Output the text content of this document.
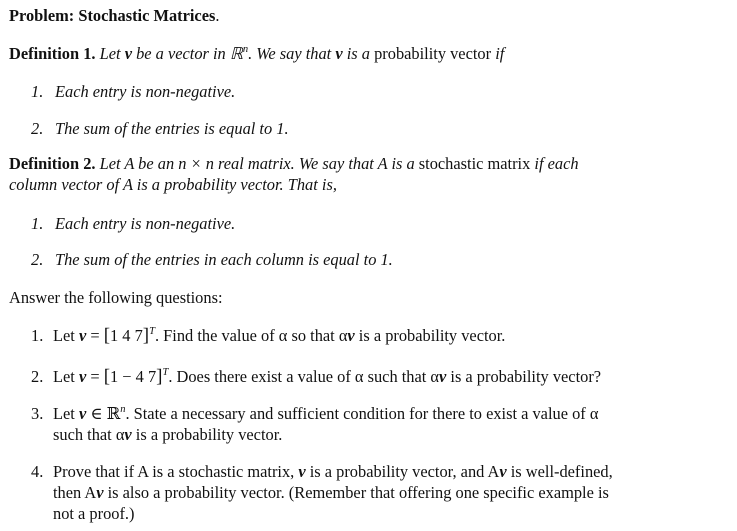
Problem: Stochastic Matrices.
Definition 1. Let v be a vector in ℝ$^n$. We say that v is a probability vector if
1. Each entry is non-negative.
2. The sum of the entries is equal to 1.
Definition 2. Let A be an n × n real matrix. We say that A is a stochastic matrix if each
column vector of A is a probability vector. That is,
1. Each entry is non-negative.
2. The sum of the entries in each column is equal to 1.
Answer the following questions:
1. Let v = [1 4 7]$^T$. Find the value of α so that αv is a probability vector.
2. Let v = [1 − 4 7]$^T$. Does there exist a value of α such that αv is a probability vector?
3. Let v ∈ ℝ$^n$. State a necessary and sufficient condition for there to exist a value of α
such that αv is a probability vector.
4. Prove that if A is a stochastic matrix, v is a probability vector, and Av is well-defined,
then Av is also a probability vector. (Remember that offering one specific example is
not a proof.)
